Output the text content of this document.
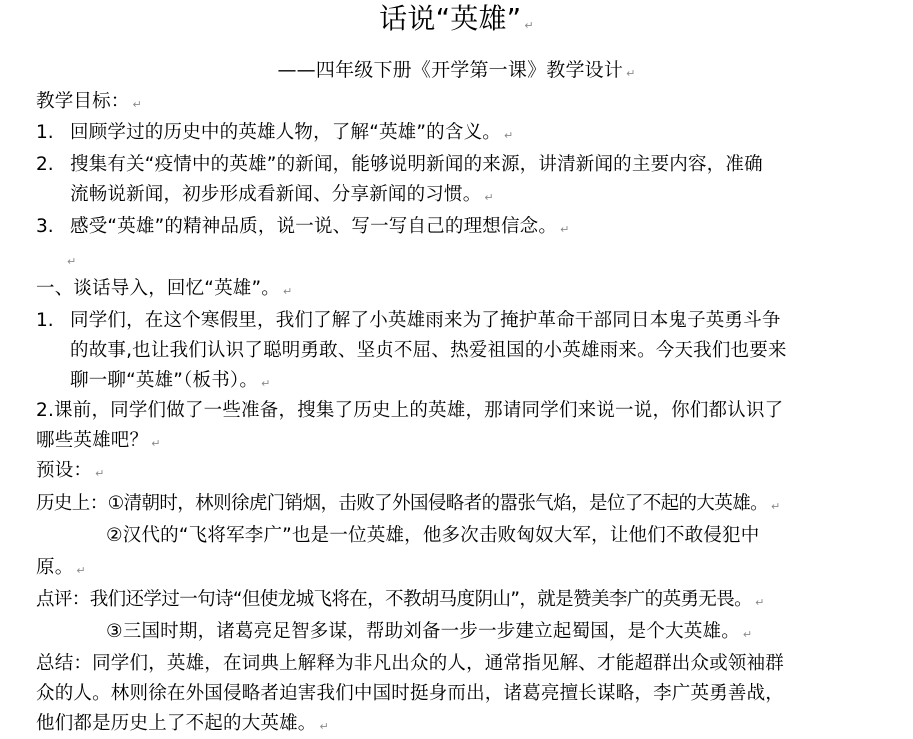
话说“英雄” ↵
——四年级下册《开学第一课》教学设计 ↵
教学目标： ↵
1. 回顾学过的历史中的英雄人物，了解“英雄”的含义。 ↵
2. 搜集有关“疫情中的英雄”的新闻，能够说明新闻的来源，讲清新闻的主要内容，准确
流畅说新闻，初步形成看新闻、分享新闻的习惯。 ↵
3. 感受“英雄”的精神品质，说一说、写一写自己的理想信念。 ↵
↵
一、谈话导入，回忆“英雄”。 ↵
1. 同学们，在这个寒假里，我们了解了小英雄雨来为了掩护革命干部同日本鬼子英勇斗争
的故事,也让我们认识了聪明勇敢、坚贞不屈、热爱祖国的小英雄雨来。今天我们也要来
聊一聊“英雄”（板书）。 ↵
2.课前，同学们做了一些准备，搜集了历史上的英雄，那请同学们来说一说，你们都认识了
哪些英雄吧？ ↵
预设： ↵
历史上：①清朝时，林则徐虎门销烟，击败了外国侵略者的嚣张气焰，是位了不起的大英雄。 ↵
②汉代的“飞将军李广”也是一位英雄，他多次击败匈奴大军，让他们不敢侵犯中
原。 ↵
点评：我们还学过一句诗“但使龙城飞将在，不教胡马度阴山”，就是赞美李广的英勇无畏。 ↵
③三国时期，诸葛亮足智多谋，帮助刘备一步一步建立起蜀国，是个大英雄。 ↵
总结：同学们，英雄，在词典上解释为非凡出众的人，通常指见解、才能超群出众或领袖群
众的人。林则徐在外国侵略者迫害我们中国时挺身而出，诸葛亮擅长谋略，李广英勇善战，
他们都是历史上了不起的大英雄。 ↵
